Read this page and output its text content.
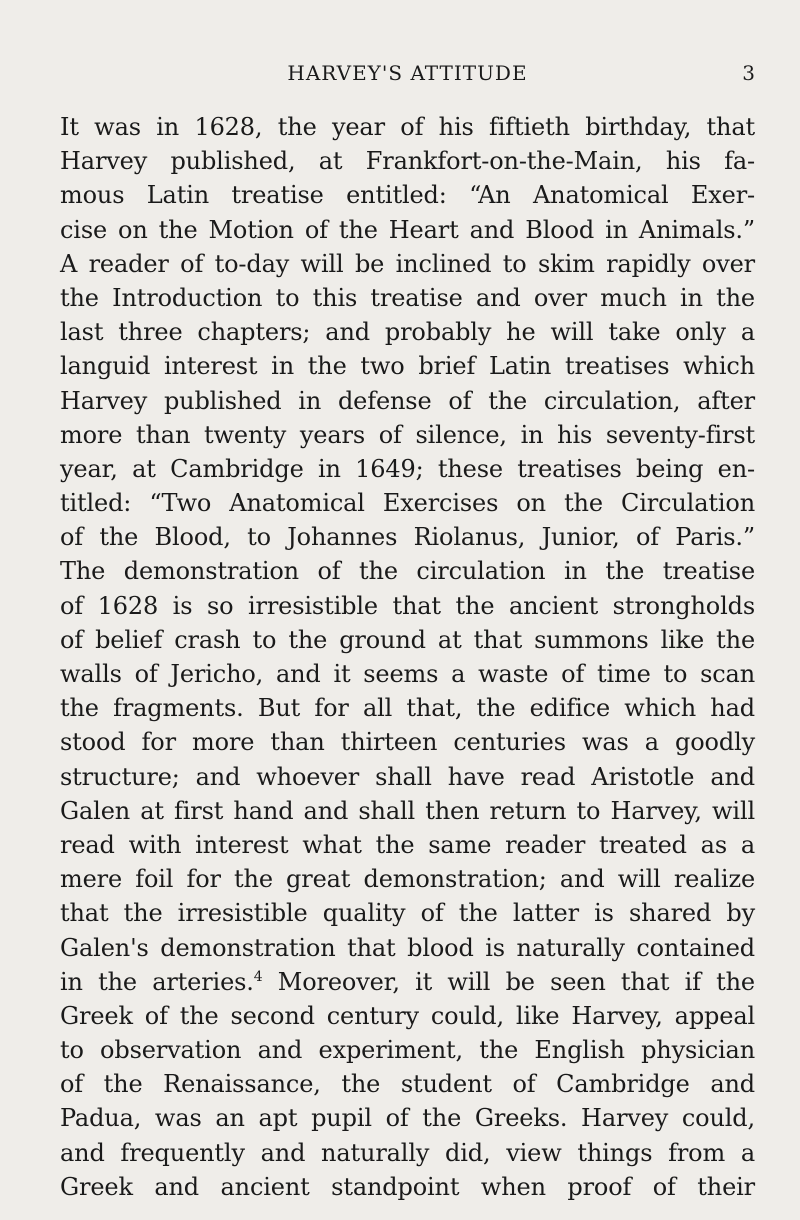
HARVEY'S ATTITUDE	3
It was in 1628, the year of his fiftieth birthday, that
Harvey published, at Frankfort-on-the-Main, his fa-
mous Latin treatise entitled: “An Anatomical Exer-
cise on the Motion of the Heart and Blood in Animals.”
A reader of to-day will be inclined to skim rapidly over
the Introduction to this treatise and over much in the
last three chapters; and probably he will take only a
languid interest in the two brief Latin treatises which
Harvey published in defense of the circulation, after
more than twenty years of silence, in his seventy-first
year, at Cambridge in 1649; these treatises being en-
titled: “Two Anatomical Exercises on the Circulation
of the Blood, to Johannes Riolanus, Junior, of Paris.”
The demonstration of the circulation in the treatise
of 1628 is so irresistible that the ancient strongholds
of belief crash to the ground at that summons like the
walls of Jericho, and it seems a waste of time to scan
the fragments. But for all that, the edifice which had
stood for more than thirteen centuries was a goodly
structure; and whoever shall have read Aristotle and
Galen at first hand and shall then return to Harvey, will
read with interest what the same reader treated as a
mere foil for the great demonstration; and will realize
that the irresistible quality of the latter is shared by
Galen's demonstration that blood is naturally contained
in the arteries.$^4$ Moreover, it will be seen that if the
Greek of the second century could, like Harvey, appeal
to observation and experiment, the English physician
of the Renaissance, the student of Cambridge and
Padua, was an apt pupil of the Greeks. Harvey could,
and frequently and naturally did, view things from a
Greek and ancient standpoint when proof of their
